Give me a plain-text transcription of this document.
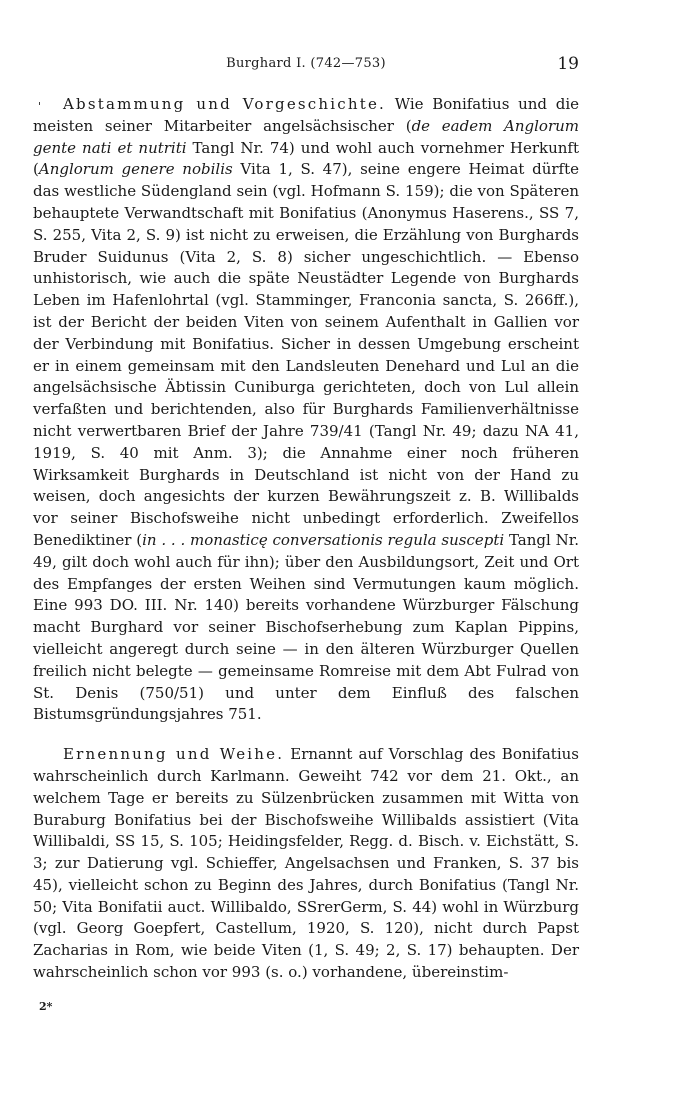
Burghard I. (742—753)	19
'	Abstammung und Vorgeschichte. Wie Bonifatius und die meisten seiner Mitarbeiter angelsächsischer (de eadem Anglorum gente nati et nutriti Tangl Nr. 74) und wohl auch vornehmer Herkunft (Anglorum genere nobilis Vita 1, S. 47), seine engere Heimat dürfte das westliche Südengland sein (vgl. Hofmann S. 159); die von Späteren behauptete Verwandtschaft mit Bonifatius (Anonymus Haserens., SS 7, S. 255, Vita 2, S. 9) ist nicht zu erweisen, die Erzählung von Burghards Bruder Suidunus (Vita 2, S. 8) sicher ungeschichtlich. — Ebenso unhistorisch, wie auch die späte Neustädter Legende von Burghards Leben im Hafenlohrtal (vgl. Stamminger, Franconia sancta, S. 266ff.), ist der Bericht der beiden Viten von seinem Aufenthalt in Gallien vor der Verbindung mit Bonifatius. Sicher in dessen Umgebung erscheint er in einem gemeinsam mit den Landsleuten Denehard und Lul an die angelsächsische Äbtissin Cuniburga gerichteten, doch von Lul allein verfaßten und berichtenden, also für Burghards Familienverhältnisse nicht verwertbaren Brief der Jahre 739/41 (Tangl Nr. 49; dazu NA 41, 1919, S. 40 mit Anm. 3); die Annahme einer noch früheren Wirksamkeit Burghards in Deutschland ist nicht von der Hand zu weisen, doch angesichts der kurzen Bewährungszeit z. B. Willibalds vor seiner Bischofsweihe nicht unbedingt erforderlich. Zweifellos Benediktiner (in . . . monasticę conversationis regula suscepti Tangl Nr. 49, gilt doch wohl auch für ihn); über den Ausbildungsort, Zeit und Ort des Empfanges der ersten Weihen sind Vermutungen kaum möglich. Eine 993 DO. III. Nr. 140) bereits vorhandene Würzburger Fälschung macht Burghard vor seiner Bischofserhebung zum Kaplan Pippins, vielleicht angeregt durch seine — in den älteren Würzburger Quellen freilich nicht belegte — gemeinsame Romreise mit dem Abt Fulrad von St. Denis (750/51) und unter dem Einfluß des falschen Bistumsgründungsjahres 751.

Ernennung und Weihe. Ernannt auf Vorschlag des Bonifatius wahrscheinlich durch Karlmann. Geweiht 742 vor dem 21. Okt., an welchem Tage er bereits zu Sülzenbrücken zusammen mit Witta von Buraburg Bonifatius bei der Bischofsweihe Willibalds assistiert (Vita Willibaldi, SS 15, S. 105; Heidingsfelder, Regg. d. Bisch. v. Eichstätt, S. 3; zur Datierung vgl. Schieffer, Angelsachsen und Franken, S. 37 bis 45), vielleicht schon zu Beginn des Jahres, durch Bonifatius (Tangl Nr. 50; Vita Bonifatii auct. Willibaldo, SSrerGerm, S. 44) wohl in Würzburg (vgl. Georg Goepfert, Castellum, 1920, S. 120), nicht durch Papst Zacharias in Rom, wie beide Viten (1, S. 49; 2, S. 17) behaupten. Der wahrscheinlich schon vor 993 (s. o.) vorhandene, übereinstim-

2*
